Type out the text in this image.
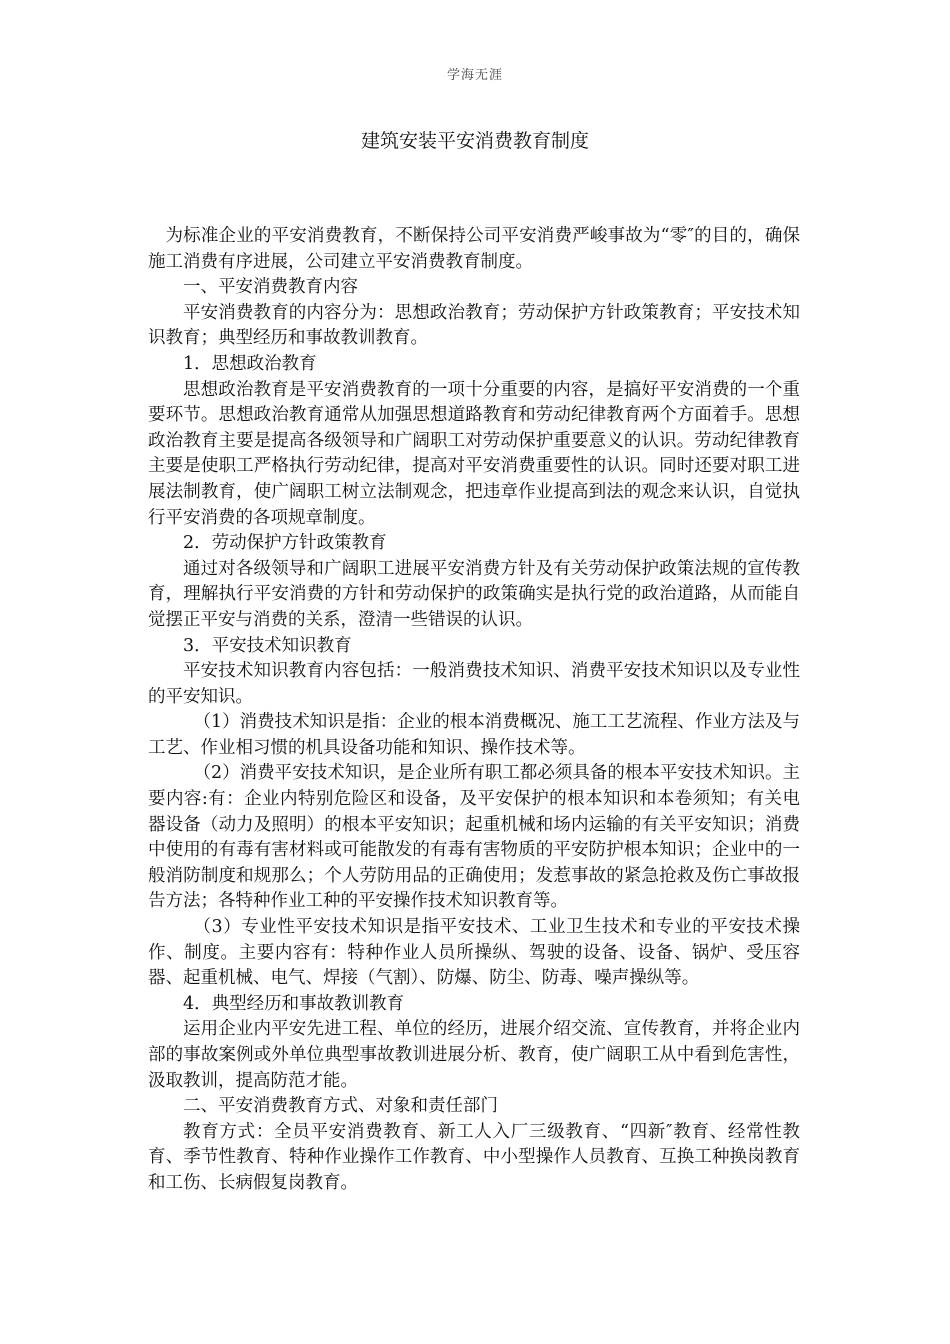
学海无涯
建筑安装平安消费教育制度

为标准企业的平安消费教育，不断保持公司平安消费严峻事故为“零″的目的，确保施工消费有序进展，公司建立平安消费教育制度。

一、平安消费教育内容

平安消费教育的内容分为：思想政治教育；劳动保护方针政策教育；平安技术知识教育；典型经历和事故教训教育。

1．思想政治教育

思想政治教育是平安消费教育的一项十分重要的内容，是搞好平安消费的一个重要环节。思想政治教育通常从加强思想道路教育和劳动纪律教育两个方面着手。思想政治教育主要是提高各级领导和广阔职工对劳动保护重要意义的认识。劳动纪律教育主要是使职工严格执行劳动纪律，提高对平安消费重要性的认识。同时还要对职工进展法制教育，使广阔职工树立法制观念，把违章作业提高到法的观念来认识，自觉执行平安消费的各项规章制度。

2．劳动保护方针政策教育

通过对各级领导和广阔职工进展平安消费方针及有关劳动保护政策法规的宣传教育，理解执行平安消费的方针和劳动保护的政策确实是执行党的政治道路，从而能自觉摆正平安与消费的关系，澄清一些错误的认识。

3．平安技术知识教育

平安技术知识教育内容包括：一般消费技术知识、消费平安技术知识以及专业性的平安知识。

（1）消费技术知识是指：企业的根本消费概况、施工工艺流程、作业方法及与工艺、作业相习惯的机具设备功能和知识、操作技术等。

（2）消费平安技术知识，是企业所有职工都必须具备的根本平安技术知识。主要内容:有：企业内特别危险区和设备，及平安保护的根本知识和本卷须知；有关电器设备（动力及照明）的根本平安知识；起重机械和场内运输的有关平安知识；消费中使用的有毒有害材料或可能散发的有毒有害物质的平安防护根本知识；企业中的一般消防制度和规那么；个人劳防用品的正确使用；发惹事故的紧急抢救及伤亡事故报告方法；各特种作业工种的平安操作技术知识教育等。

（3）专业性平安技术知识是指平安技术、工业卫生技术和专业的平安技术操作、制度。主要内容有：特种作业人员所操纵、驾驶的设备、设备、锅炉、受压容器、起重机械、电气、焊接（气割）、防爆、防尘、防毒、噪声操纵等。

4．典型经历和事故教训教育

运用企业内平安先进工程、单位的经历，进展介绍交流、宣传教育，并将企业内部的事故案例或外单位典型事故教训进展分析、教育，使广阔职工从中看到危害性，汲取教训，提高防范才能。

二、平安消费教育方式、对象和责任部门

教育方式：全员平安消费教育、新工人入厂三级教育、“四新″教育、经常性教育、季节性教育、特种作业操作工作教育、中小型操作人员教育、互换工种换岗教育和工伤、长病假复岗教育。
